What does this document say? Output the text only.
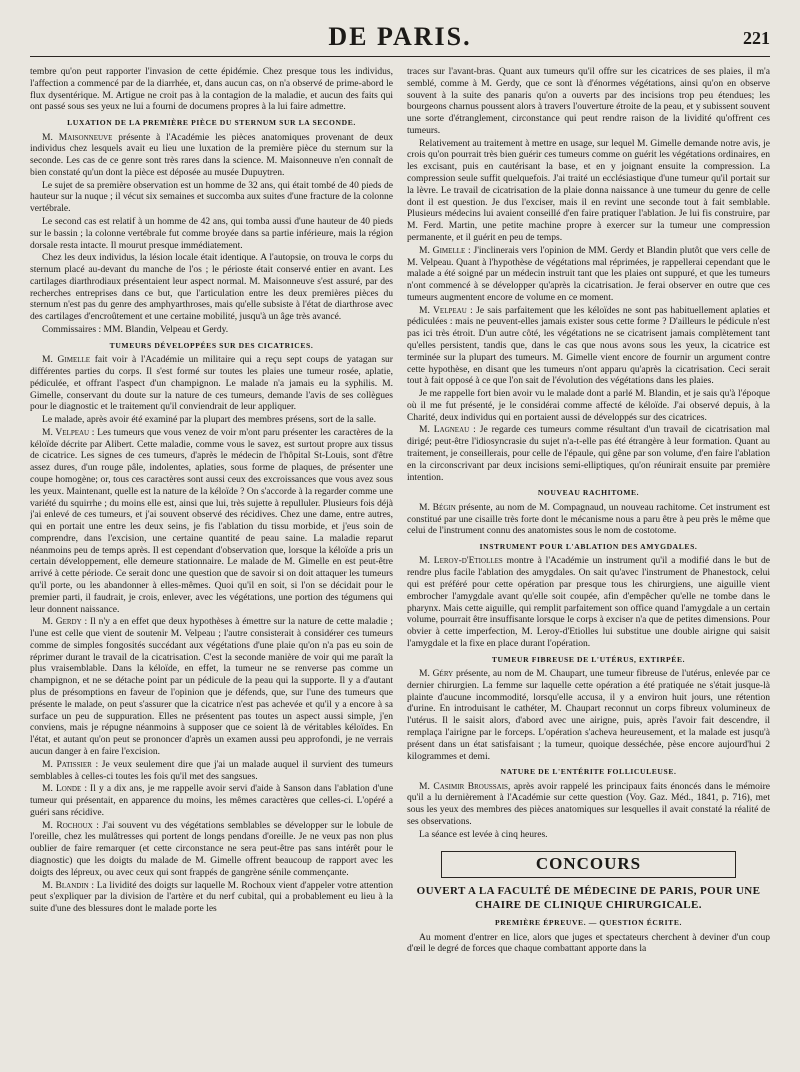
DE PARIS.	221

tembre qu'on peut rapporter l'invasion de cette épidémie. Chez presque tous les individus, l'affection a commencé par de la diarrhée, et, dans aucun cas, on n'a observé de prime-abord le flux dysentérique. M. Artigue ne croit pas à la contagion de la maladie, et aucun des faits qui ont passé sous ses yeux ne lui a fourni de documens propres à la lui faire admettre.

LUXATION DE LA PREMIÈRE PIÈCE DU STERNUM SUR LA SECONDE.

M. Maisonneuve présente à l'Académie les pièces anatomiques provenant de deux individus chez lesquels avait eu lieu une luxation de la première pièce du sternum sur la seconde. Les cas de ce genre sont très rares dans la science. M. Maisonneuve n'en connaît de bien constaté qu'un dont la pièce est déposée au musée Dupuytren.

Le sujet de sa première observation est un homme de 32 ans, qui était tombé de 40 pieds de hauteur sur la nuque ; il vécut six semaines et succomba aux suites d'une fracture de la colonne vertébrale.

Le second cas est relatif à un homme de 42 ans, qui tomba aussi d'une hauteur de 40 pieds sur le bassin ; la colonne vertébrale fut comme broyée dans sa partie inférieure, mais la région dorsale resta intacte. Il mourut presque immédiatement.

Chez les deux individus, la lésion locale était identique. A l'autopsie, on trouva le corps du sternum placé au-devant du manche de l'os ; le périoste était conservé entier en avant. Les cartilages diarthrodiaux présentaient leur aspect normal. M. Maisonneuve s'est assuré, par des recherches entreprises dans ce but, que l'articulation entre les deux premières pièces du sternum n'est pas du genre des amphyarthroses, mais qu'elle subsiste à l'état de diarthrose avec des cartilages d'encroûtement et une certaine mobilité, jusqu'à un âge très avancé.

Commissaires : MM. Blandin, Velpeau et Gerdy.

TUMEURS DÉVELOPPÉES SUR DES CICATRICES.

M. Gimelle fait voir à l'Académie un militaire qui a reçu sept coups de yatagan sur différentes parties du corps. Il s'est formé sur toutes les plaies une tumeur rosée, aplatie, pédiculée, et offrant l'aspect d'un champignon. Le malade n'a jamais eu la syphilis. M. Gimelle, conservant du doute sur la nature de ces tumeurs, demande l'avis de ses collègues pour le diagnostic et le traitement qu'il conviendrait de leur appliquer.

Le malade, après avoir été examiné par la plupart des membres présens, sort de la salle.

M. Velpeau : Les tumeurs que vous venez de voir m'ont paru présenter les caractères de la kéloïde décrite par Alibert. Cette maladie, comme vous le savez, est surtout propre aux tissus de cicatrice. Les signes de ces tumeurs, d'après le médecin de l'hôpital St-Louis, sont d'être assez dures, d'un rouge pâle, indolentes, aplaties, sous forme de plaques, de présenter une coupe homogène; or, tous ces caractères sont aussi ceux des excroissances que vous avez sous les yeux. Maintenant, quelle est la nature de la kéloïde ? On s'accorde à la regarder comme une variété du squirrhe ; du moins elle est, ainsi que lui, très sujette à repulluler. Plusieurs fois déjà j'ai enlevé de ces tumeurs, et j'ai souvent observé des récidives. Chez une dame, entre autres, qui en portait une entre les deux seins, je fis l'ablation du tissu morbide, et j'eus soin de comprendre, dans l'excision, une certaine quantité de peau saine. La maladie reparut néanmoins peu de temps après. Il est cependant d'observation que, lorsque la kéloïde a pris un certain développement, elle demeure stationnaire. Le malade de M. Gimelle en est peut-être arrivé à cette période. Ce serait donc une question que de savoir si on doit attaquer les tumeurs qu'il porte, ou les abandonner à elles-mêmes. Quoi qu'il en soit, si l'on se décidait pour le premier parti, il faudrait, je crois, enlever, avec les végétations, une portion des tégumens qui leur donnent naissance.

M. Gerdy : Il n'y a en effet que deux hypothèses à émettre sur la nature de cette maladie ; l'une est celle que vient de soutenir M. Velpeau ; l'autre consisterait à considérer ces tumeurs comme de simples fongosités succédant aux végétations d'une plaie qu'on n'a pas eu soin de réprimer durant le travail de la cicatrisation. C'est la seconde manière de voir qui me paraît la plus vraisemblable. Dans la kéloïde, en effet, la tumeur ne se renverse pas comme un champignon, et ne se détache point par un pédicule de la peau qui la supporte. Il y a d'autant plus de présomptions en faveur de l'opinion que je défends, que, sur l'une des tumeurs que présente le malade, on peut s'assurer que la cicatrice n'est pas achevée et qu'il y a encore à sa surface un peu de suppuration. Elles ne présentent pas toutes un aspect aussi simple, j'en conviens, mais je répugne néanmoins à supposer que ce soient là de véritables kéloïdes. En l'état, et autant qu'on peut se prononcer d'après un examen aussi peu approfondi, je ne verrais aucun danger à en faire l'excision.

M. Patissier : Je veux seulement dire que j'ai un malade auquel il survient des tumeurs semblables à celles-ci toutes les fois qu'il met des sangsues.

M. Londe : Il y a dix ans, je me rappelle avoir servi d'aide à Sanson dans l'ablation d'une tumeur qui présentait, en apparence du moins, les mêmes caractères que celles-ci. L'opéré a guéri sans récidive.

M. Rochoux : J'ai souvent vu des végétations semblables se développer sur le lobule de l'oreille, chez les mulâtresses qui portent de longs pendans d'oreille. Je ne veux pas non plus oublier de faire remarquer (et cette circonstance ne sera peut-être pas sans intérêt pour le diagnostic) que les doigts du malade de M. Gimelle offrent beaucoup de rapport avec les doigts des lépreux, ou avec ceux qui sont frappés de gangrène sénile commençante.

M. Blandin : La lividité des doigts sur laquelle M. Rochoux vient d'appeler votre attention peut s'expliquer par la division de l'artère et du nerf cubital, qui a probablement eu lieu à la suite d'une des blessures dont le malade porte les

traces sur l'avant-bras. Quant aux tumeurs qu'il offre sur les cicatrices de ses plaies, il m'a semblé, comme à M. Gerdy, que ce sont là d'énormes végétations, ainsi qu'on en observe souvent à la suite des panaris qu'on a ouverts par des incisions trop peu étendues; les bourgeons charnus poussent alors à travers l'ouverture étroite de la peau, et y subissent souvent une sorte d'étranglement, circonstance qui peut rendre raison de la lividité qu'offrent ces tumeurs.

Relativement au traitement à mettre en usage, sur lequel M. Gimelle demande notre avis, je crois qu'on pourrait très bien guérir ces tumeurs comme on guérit les végétations ordinaires, en les excisant, puis en cautérisant la base, et en y joignant ensuite la compression. La compression seule suffit quelquefois. J'ai traité un ecclésiastique d'une tumeur qu'il portait sur la lèvre. Le travail de cicatrisation de la plaie donna naissance à une tumeur du genre de celle dont il est question. Je dus l'exciser, mais il en revint une seconde tout à fait semblable. Plusieurs médecins lui avaient conseillé d'en faire pratiquer l'ablation. Je lui fis construire, par M. Ferd. Martin, une petite machine propre à exercer sur la tumeur une compression permanente, et il guérit en peu de temps.

M. Gimelle : J'inclinerais vers l'opinion de MM. Gerdy et Blandin plutôt que vers celle de M. Velpeau. Quant à l'hypothèse de végétations mal réprimées, je rappellerai cependant que le malade a été soigné par un médecin instruit tant que les plaies ont suppuré, et que les tumeurs n'ont commencé à se développer qu'après la cicatrisation. Je ferai observer en outre que ces tumeurs augmentent encore de volume en ce moment.

M. Velpeau : Je sais parfaitement que les kéloïdes ne sont pas habituellement aplaties et pédiculées : mais ne peuvent-elles jamais exister sous cette forme ? D'ailleurs le pédicule n'est pas ici très étroit. D'un autre côté, les végétations ne se cicatrisent jamais complètement tant qu'elles persistent, tandis que, dans le cas que nous avons sous les yeux, la cicatrice est terminée sur la plupart des tumeurs. M. Gimelle vient encore de fournir un argument contre cette hypothèse, en disant que les tumeurs n'ont apparu qu'après la cicatrisation. Ceci serait tout à fait opposé à ce que l'on sait de l'évolution des végétations dans les plaies.

Je me rappelle fort bien avoir vu le malade dont a parlé M. Blandin, et je sais qu'à l'époque où il me fut présenté, je le considérai comme affecté de kéloïde. J'ai observé depuis, à la Charité, deux individus qui en portaient aussi de développés sur des cicatrices.

M. Lagneau : Je regarde ces tumeurs comme résultant d'un travail de cicatrisation mal dirigé; peut-être l'idiosyncrasie du sujet n'a-t-elle pas été étrangère à leur formation. Quant au traitement, je conseillerais, pour celle de l'épaule, qui gêne par son volume, d'en faire l'ablation en la circonscrivant par deux incisions semi-elliptiques, qu'on réunirait ensuite par première intention.

NOUVEAU RACHITOME.

M. Bégin présente, au nom de M. Compagnaud, un nouveau rachitome. Cet instrument est constitué par une cisaille très forte dont le mécanisme nous a paru être à peu près le même que celui de l'instrument connu des anatomistes sous le nom de costotome.

INSTRUMENT POUR L'ABLATION DES AMYGDALES.

M. Leroy-d'Etiolles montre à l'Académie un instrument qu'il a modifié dans le but de rendre plus facile l'ablation des amygdales. On sait qu'avec l'instrument de Phanestock, celui qui est préféré pour cette opération par presque tous les chirurgiens, une aiguille vient embrocher l'amygdale avant qu'elle soit coupée, afin d'empêcher qu'elle ne tombe dans le pharynx. Mais cette aiguille, qui remplit parfaitement son office quand l'amygdale a un certain volume, pourrait être insuffisante lorsque le corps à exciser n'a que de petites dimensions. Pour obvier à cette imperfection, M. Leroy-d'Etiolles lui substitue une double airigne qui saisit l'amygdale et la fixe en place durant l'opération.

TUMEUR FIBREUSE DE L'UTÉRUS, EXTIRPÉE.

M. Géry présente, au nom de M. Chaupart, une tumeur fibreuse de l'utérus, enlevée par ce dernier chirurgien. La femme sur laquelle cette opération a été pratiquée ne s'était jusque-là plainte d'aucune incommodité, lorsqu'elle accusa, il y a environ huit jours, une rétention d'urine. En introduisant le cathéter, M. Chaupart reconnut un corps fibreux volumineux de l'utérus. Il le saisit alors, d'abord avec une airigne, puis, après l'avoir fait descendre, il remplaça l'airigne par le forceps. L'opération s'acheva heureusement, et la malade est jusqu'à présent dans un état satisfaisant ; la tumeur, quoique desséchée, pèse encore aujourd'hui 2 kilogrammes et demi.

NATURE DE L'ENTÉRITE FOLLICULEUSE.

M. Casimir Broussais, après avoir rappelé les principaux faits énoncés dans le mémoire qu'il a lu dernièrement à l'Académie sur cette question (Voy. Gaz. Méd., 1841, p. 716), met sous les yeux des membres des pièces anatomiques sur lesquelles il avait constaté la réalité de ses observations.

La séance est levée à cinq heures.

CONCOURS
OUVERT A LA FACULTÉ DE MÉDECINE DE PARIS, POUR UNE CHAIRE DE CLINIQUE CHIRURGICALE.
PREMIÈRE ÉPREUVE. — QUESTION ÉCRITE.

Au moment d'entrer en lice, alors que juges et spectateurs cherchent à deviner d'un coup d'œil le degré de forces que chaque combattant apporte dans la
